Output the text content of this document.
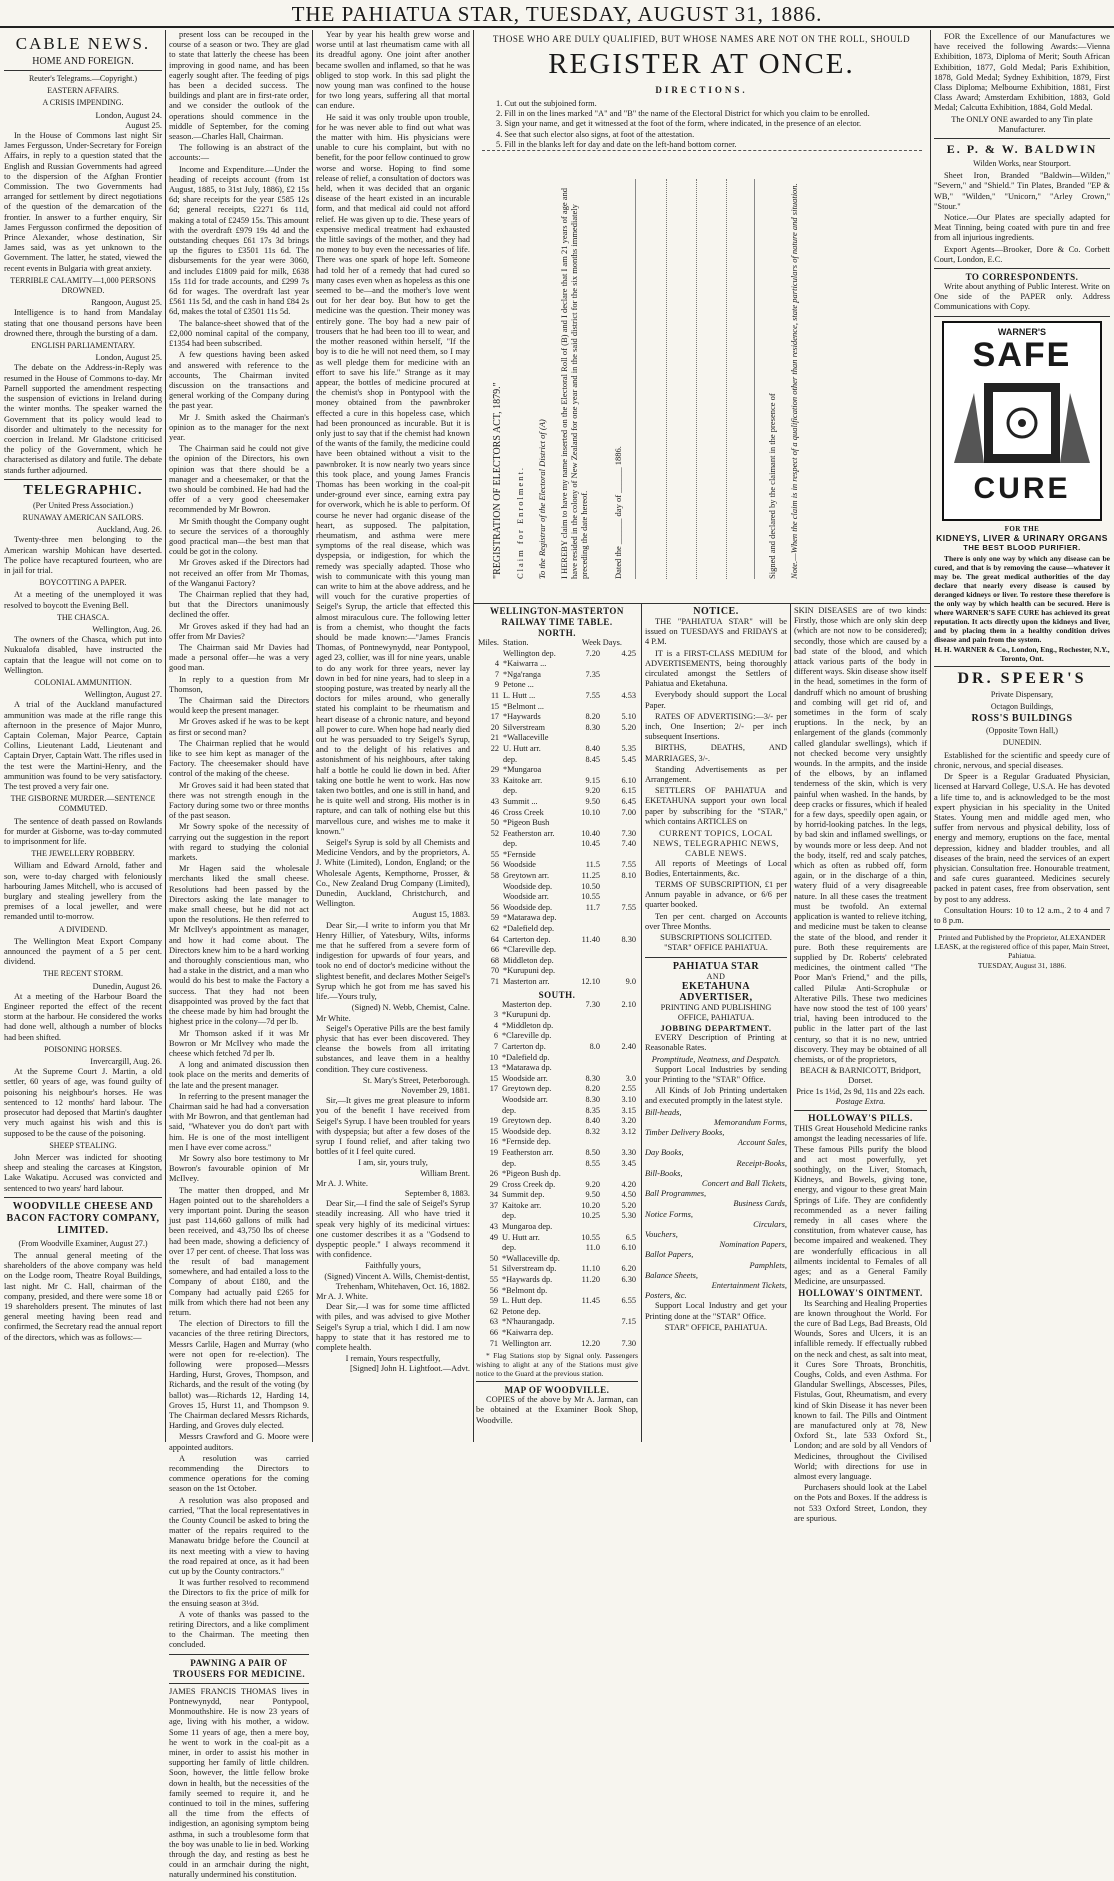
THE PAHIATUA STAR, TUESDAY, AUGUST 31, 1886.
CABLE NEWS.
HOME AND FOREIGN.
Reuter's Telegrams.—Copyright.)
EASTERN AFFAIRS.
A CRISIS IMPENDING.
London, August 24.
August 25.

In the House of Commons last night Sir James Fergusson, Under-Secretary for Foreign Affairs, in reply to a question stated that the English and Russian Governments had agreed to the dispersion of the Afghan Frontier Commission. The two Governments had arranged for settlement by direct negotiations of the question of the demarcation of the frontier. In answer to a further enquiry, Sir James Fergusson confirmed the deposition of Prince Alexander, whose destination, Sir James said, was as yet unknown to the Government. The latter, he stated, viewed the recent events in Bulgaria with great anxiety.

TERRIBLE CALAMITY—1,000 PERSONS DROWNED.
Rangoon, August 25.

Intelligence is to hand from Mandalay stating that one thousand persons have been drowned there, through the bursting of a dam.

ENGLISH PARLIAMENTARY.
London, August 25.

The debate on the Address-in-Reply was resumed in the House of Commons to-day. Mr Parnell supported the amendment respecting the suspension of evictions in Ireland during the winter months. The speaker warned the Government that its policy would lead to disorder and ultimately to the necessity for coercion in Ireland. Mr Gladstone criticised the policy of the Government, which he characterised as dilatory and futile. The debate stands further adjourned.

TELEGRAPHIC.
(Per United Press Association.)
RUNAWAY AMERICAN SAILORS.
Auckland, Aug. 26.

Twenty-three men belonging to the American warship Mohican have deserted. The police have recaptured fourteen, who are in jail for trial.

BOYCOTTING A PAPER.

At a meeting of the unemployed it was resolved to boycott the Evening Bell.

THE CHASCA.
Wellington, Aug. 26.

The owners of the Chasca, which put into Nukualofa disabled, have instructed the captain that the league will not come on to Wellington.

COLONIAL AMMUNITION.
Wellington, August 27.

A trial of the Auckland manufactured ammunition was made at the rifle range this afternoon in the presence of Major Munro, Captain Coleman, Major Pearce, Captain Collins, Lieutenant Ladd, Lieutenant and Captain Dryer, Captain Watt. The rifles used in the test were the Martini-Henry, and the ammunition was found to be very satisfactory. The test proved a very fair one.

THE GISBORNE MURDER.—SENTENCE COMMUTED.

The sentence of death passed on Rowlands for murder at Gisborne, was to-day commuted to imprisonment for life.

THE JEWELLERY ROBBERY.

William and Edward Arnold, father and son, were to-day charged with feloniously harbouring James Mitchell, who is accused of burglary and stealing jewellery from the premises of a local jeweller, and were remanded until to-morrow.

A DIVIDEND.

The Wellington Meat Export Company announced the payment of a 5 per cent. dividend.

THE RECENT STORM.
Dunedin, August 26.

At a meeting of the Harbour Board the Engineer reported the effect of the recent storm at the harbour. He considered the works had done well, although a number of blocks had been shifted.

POISONING HORSES.
Invercargill, Aug. 26.

At the Supreme Court J. Martin, a old settler, 60 years of age, was found guilty of poisoning his neighbour's horses. He was sentenced to 12 months' hard labour. The prosecutor had deposed that Martin's daughter very much against his wish and this is supposed to be the cause of the poisoning.

SHEEP STEALING.

John Mercer was indicted for shooting sheep and stealing the carcases at Kingston, Lake Wakatipu. Accused was convicted and sentenced to two years' hard labour.

WOODVILLE CHEESE AND BACON FACTORY COMPANY, LIMITED.
(From Woodville Examiner, August 27.)

The annual general meeting of the shareholders of the above company was held on the Lodge room, Theatre Royal Buildings, last night. Mr C. Hall, chairman of the company, presided, and there were some 18 or 19 shareholders present. The minutes of last general meeting having been read and confirmed, the Secretary read the annual report of the directors, which was as follows:—

present loss can be recouped in the course of a season or two. They are glad to state that latterly the cheese has been improving in good name, and has been eagerly sought after. The feeding of pigs has been a decided success. The buildings and plant are in first-rate order, and we consider the outlook of the operations should commence in the middle of September, for the coming season.—Charles Hall, Chairman.

The following is an abstract of the accounts:—

Income and Expenditure.—Under the heading of receipts account (from 1st August, 1885, to 31st July, 1886), £2 15s 6d; share receipts for the year £585 12s 6d; general receipts, £2271 6s 11d, making a total of £2459 15s. This amount with the overdraft £979 19s 4d and the outstanding cheques £61 17s 3d brings up the figures to £3501 11s 6d. The disbursements for the year were 3060, and includes £1809 paid for milk, £638 15s 11d for trade accounts, and £299 7s 6d for wages. The overdraft last year £561 11s 5d, and the cash in hand £84 2s 6d, makes the total of £3501 11s 5d.

The balance-sheet showed that of the £2,000 nominal capital of the company, £1354 had been subscribed.

A few questions having been asked and answered with reference to the accounts, The Chairman invited discussion on the transactions and general working of the Company during the past year.

Mr J. Smith asked the Chairman's opinion as to the manager for the next year.

The Chairman said he could not give the opinion of the Directors, his own opinion was that there should be a manager and a cheesemaker, or that the two should be combined. He had had the offer of a very good cheesemaker recommended by Mr Bowron.

Mr Smith thought the Company ought to secure the services of a thoroughly good practical man—the best man that could be got in the colony.

Mr Groves asked if the Directors had not received an offer from Mr Thomas, of the Wanganui Factory?

The Chairman replied that they had, but that the Directors unanimously declined the offer.

Mr Groves asked if they had had an offer from Mr Davies?

The Chairman said Mr Davies had made a personal offer—he was a very good man.

In reply to a question from Mr Thomson,

The Chairman said the Directors would keep the present manager.

Mr Groves asked if he was to be kept as first or second man?

The Chairman replied that he would like to see him kept as manager of the Factory. The cheesemaker should have control of the making of the cheese.

Mr Groves said it had been stated that there was not strength enough in the Factory during some two or three months of the past season.

Mr Sowry spoke of the necessity of carrying out the suggestion in the report with regard to studying the colonial markets.

Mr Hagen said the wholesale merchants liked the small cheese. Resolutions had been passed by the Directors asking the late manager to make small cheese, but he did not act upon the resolutions. He then referred to Mr McIlvey's appointment as manager, and how it had come about. The Directors knew him to be a hard working and thoroughly conscientious man, who had a stake in the district, and a man who would do his best to make the Factory a success. That they had not been disappointed was proved by the fact that the cheese made by him had brought the highest price in the colony—7d per lb.

Mr Thomson asked if it was Mr Bowron or Mr McIlvey who made the cheese which fetched 7d per lb.

A long and animated discussion then took place on the merits and demerits of the late and the present manager.

In referring to the present manager the Chairman said he had had a conversation with Mr Bowron, and that gentleman had said, "Whatever you do don't part with him. He is one of the most intelligent men I have ever come across."

Mr Sowry also bore testimony to Mr Bowron's favourable opinion of Mr McIlvey.

The matter then dropped, and Mr Hagen pointed out to the shareholders a very important point. During the season just past 114,660 gallons of milk had been received, and 43,750 lbs of cheese had been made, showing a deficiency of over 17 per cent. of cheese. That loss was the result of bad management somewhere, and had entailed a loss to the Company of about £180, and the Company had actually paid £265 for milk from which there had not been any return.

The election of Directors to fill the vacancies of the three retiring Directors, Messrs Carlile, Hagen and Murray (who were not open for re-election). The following were proposed—Messrs Harding, Hurst, Groves, Thompson, and Richards, and the result of the voting (by ballot) was—Richards 12, Harding 14, Groves 15, Hurst 11, and Thompson 9. The Chairman declared Messrs Richards, Harding, and Groves duly elected.

Messrs Crawford and G. Moore were appointed auditors.

A resolution was carried recommending the Directors to commence operations for the coming season on the 1st October.

A resolution was also proposed and carried, "That the local representatives in the County Council be asked to bring the matter of the repairs required to the Manawatu bridge before the Council at its next meeting with a view to having the road repaired at once, as it had been cut up by the County contractors."

It was further resolved to recommend the Directors to fix the price of milk for the ensuing season at 3½d.

A vote of thanks was passed to the retiring Directors, and a like compliment to the Chairman. The meeting then concluded.

PAWNING A PAIR OF TROUSERS FOR MEDICINE.

JAMES FRANCIS THOMAS lives in Pontnewynydd, near Pontypool, Monmouthshire. He is now 23 years of age, living with his mother, a widow. Some 11 years of age, then a mere boy, he went to work in the coal-pit as a miner, in order to assist his mother in supporting her family of little children. Soon, however, the little fellow broke down in health, but the necessities of the family seemed to require it, and he continued to toil in the mines, suffering all the time from the effects of indigestion, an agonising symptom being asthma, in such a troublesome form that the boy was unable to lie in bed. Working through the day, and resting as best he could in an armchair during the night, naturally undermined his constitution.

Year by year his health grew worse and worse until at last rheumatism came with all its dreadful agony. One joint after another became swollen and inflamed, so that he was obliged to stop work. In this sad plight the now young man was confined to the house for two long years, suffering all that mortal can endure.

He said it was only trouble upon trouble, for he was never able to find out what was the matter with him. His physicians were unable to cure his complaint, but with no benefit, for the poor fellow continued to grow worse and worse. Hoping to find some release of relief, a consultation of doctors was held, when it was decided that an organic disease of the heart existed in an incurable form, and that medical aid could not afford relief. He was given up to die. These years of expensive medical treatment had exhausted the little savings of the mother, and they had no money to buy even the necessaries of life. There was one spark of hope left. Someone had told her of a remedy that had cured so many cases even when as hopeless as this one seemed to be—and the mother's love went out for her dear boy. But how to get the medicine was the question. Their money was entirely gone. The boy had a new pair of trousers that he had been too ill to wear, and the mother reasoned within herself, "If the boy is to die he will not need them, so I may as well pledge them for medicine with an effort to save his life." Strange as it may appear, the bottles of medicine procured at the chemist's shop in Pontypool with the money obtained from the pawnbroker effected a cure in this hopeless case, which had been pronounced as incurable. But it is only just to say that if the chemist had known of the wants of the family, the medicine could have been obtained without a visit to the pawnbroker. It is now nearly two years since this took place, and young James Francis Thomas has been working in the coal-pit under-ground ever since, earning extra pay for overwork, which he is able to perform. Of course he never had organic disease of the heart, as supposed. The palpitation, rheumatism, and asthma were mere symptoms of the real disease, which was dyspepsia, or indigestion, for which the remedy was specially adapted. Those who wish to communicate with this young man can write to him at the above address, and he will vouch for the curative properties of Seigel's Syrup, the article that effected this almost miraculous cure. The following letter is from a chemist, who thought the facts should be made known:—"James Francis Thomas, of Pontnewynydd, near Pontypool, aged 23, collier, was ill for nine years, unable to do any work for three years, never lay down in bed for nine years, had to sleep in a stooping posture, was treated by nearly all the doctors for miles around, who generally stated his complaint to be rheumatism and heart disease of a chronic nature, and beyond all power to cure. When hope had nearly died out he was persuaded to try Seigel's Syrup, and to the delight of his relatives and astonishment of his neighbours, after taking half a bottle he could lie down in bed. After taking one bottle he went to work. Has now taken two bottles, and one is still in hand, and he is quite well and strong. His mother is in rapture, and can talk of nothing else but this marvellous cure, and wishes me to make it known."

Seigel's Syrup is sold by all Chemists and Medicine Vendors, and by the proprietors, A. J. White (Limited), London, England; or the Wholesale Agents, Kempthorne, Prosser, & Co., New Zealand Drug Company (Limited), Dunedin, Auckland, Christchurch, and Wellington.

August 15, 1883.

Dear Sir,—I write to inform you that Mr Henry Hillier, of Yatesbury, Wilts, informs me that he suffered from a severe form of indigestion for upwards of four years, and took no end of doctor's medicine without the slightest benefit, and declares Mother Seigel's Syrup which he got from me has saved his life.—Yours truly,

(Signed) N. Webb, Chemist, Calne.
Mr White.

Seigel's Operative Pills are the best family physic that has ever been discovered. They cleanse the bowels from all irritating substances, and leave them in a healthy condition. They cure costiveness.

St. Mary's Street, Peterborough.
November 29, 1881.

Sir,—It gives me great pleasure to inform you of the benefit I have received from Seigel's Syrup. I have been troubled for years with dyspepsia; but after a few doses of the syrup I found relief, and after taking two bottles of it I feel quite cured.

I am, sir, yours truly,
William Brent.
Mr A. J. White.
September 8, 1883.

Dear Sir,—I find the sale of Seigel's Syrup steadily increasing. All who have tried it speak very highly of its medicinal virtues: one customer describes it as a "Godsend to dyspeptic people." I always recommend it with confidence.

Faithfully yours,
(Signed) Vincent A. Wills, Chemist-dentist, Trehenham, Whitehaven, Oct. 16, 1882.
Mr A. J. White.

Dear Sir,—I was for some time afflicted with piles, and was advised to give Mother Seigel's Syrup a trial, which I did. I am now happy to state that it has restored me to complete health.

I remain, Yours respectfully,
[Signed] John H. Lightfoot.—Advt.
THOSE WHO ARE DULY QUALIFIED, BUT WHOSE NAMES ARE NOT ON THE ROLL, SHOULD
REGISTER AT ONCE.
DIRECTIONS.
1. Cut out the subjoined form.
2. Fill in on the lines marked "A" and "B" the name of the Electoral District for which you claim to be enrolled.
3. Sign your name, and get it witnessed at the foot of the form, where indicated, in the presence of an elector.
4. See that such elector also signs, at foot of the attestation.
5. Fill in the blanks left for day and date on the left-hand bottom corner.
"REGISTRATION OF ELECTORS ACT, 1879." Claim for Enrolment. To the Registrar of the Electoral District of (A) I HEREBY claim to have my name inserted on the Electoral Roll of (B) and I declare that I am 21 years of age and have resided in the colony of New Zealand for one year and in the said district for the six months immediately preceding the date hereof.	Dated the ______ day of ______ 1886.	Signed and declared by the claimant in the presence of Note.—When the claim is in respect of a qualification other than residence, state particulars of nature and situation.

FOR the Excellence of our Manufactures we have received the following Awards:—Vienna Exhibition, 1873, Diploma of Merit; South African Exhibition, 1877, Gold Medal; Paris Exhibition, 1878, Gold Medal; Sydney Exhibition, 1879, First Class Diploma; Melbourne Exhibition, 1881, First Class Award; Amsterdam Exhibition, 1883, Gold Medal; Calcutta Exhibition, 1884, Gold Medal.

The ONLY ONE awarded to any Tin plate Manufacturer.
E. P. & W. BALDWIN
Wilden Works, near Stourport.

Sheet Iron, Branded "Baldwin—Wilden," "Severn," and "Shield." Tin Plates, Branded "EP & WB," "Wilden," "Unicorn," "Arley Crown," "Stour."

Notice.—Our Plates are specially adapted for Meat Tinning, being coated with pure tin and free from all injurious ingredients.

Export Agents—Brooker, Dore & Co. Corbett Court, London, E.C.

TO CORRESPONDENTS.

Write about anything of Public Interest. Write on One side of the PAPER only. Address Communications with Copy.

WARNER'S
SAFE
CURE
FOR THE
KIDNEYS, LIVER & URINARY ORGANS
THE BEST BLOOD PURIFIER.

There is only one way by which any disease can be cured, and that is by removing the cause—whatever it may be. The great medical authorities of the day declare that nearly every disease is caused by deranged kidneys or liver. To restore these therefore is the only way by which health can be secured. Here is where WARNER'S SAFE CURE has achieved its great reputation. It acts directly upon the kidneys and liver, and by placing them in a healthy condition drives disease and pain from the system.

H. H. WARNER & Co., London, Eng., Rochester, N.Y., Toronto, Ont.
DR. SPEER'S
Private Dispensary,
Octagon Buildings,
ROSS'S BUILDINGS
(Opposite Town Hall,)
DUNEDIN.

Established for the scientific and speedy cure of chronic, nervous, and special diseases.

Dr Speer is a Regular Graduated Physician, licensed at Harvard College, U.S.A. He has devoted a life time to, and is acknowledged to be the most expert physician in his speciality in the United States. Young men and middle aged men, who suffer from nervous and physical debility, loss of energy and memory, eruptions on the face, mental depression, kidney and bladder troubles, and all diseases of the brain, need the services of an expert physician. Consultation free. Honourable treatment, and safe cures guaranteed. Medicines securely packed in patent cases, free from observation, sent by post to any address.

Consultation Hours: 10 to 12 a.m., 2 to 4 and 7 to 8 p.m.

Printed and Published by the Proprietor, ALEXANDER LEASK, at the registered office of this paper, Main Street, Pahiatua.

TUESDAY, August 31, 1886.
WELLINGTON-MASTERTON RAILWAY TIME TABLE.
NORTH.
Miles.	Station.	Week Days.	
	Wellington dep.	7.20	4.25
4	*Kaiwarra ...		
7	*Nga'ranga	7.35	
9	Petone ...		
11	L. Hutt ...	7.55	4.53
15	*Belmont ...		
17	*Haywards	8.20	5.10
20	Silverstream	8.30	5.20
21	*Wallaceville		
22	U. Hutt arr.	8.40	5.35
	dep.	8.45	5.45
29	*Mungaroa		
33	Kaitoke arr.	9.15	6.10
	dep.	9.20	6.15
43	Summit ...	9.50	6.45
46	Cross Creek	10.10	7.00
50	*Pigeon Bush		
52	Featherston arr.	10.40	7.30
	dep.	10.45	7.40
55	*Fernside		
56	Woodside	11.5	7.55
58	Greytown arr.	11.25	8.10
	Woodside dep.	10.50	
	Woodside arr.	10.55	
56	Woodside dep.	11.7	7.55
59	*Matarawa dep.		
62	*Dalefield dep.		
64	Carterton dep.	11.40	8.30
66	*Clareville dep.		
68	Middleton dep.		
70	*Kurupuni dep.		
71	Masterton arr.	12.10	9.0
SOUTH.
	Masterton dep.	7.30	2.10
3	*Kurupuni dp.		
4	*Middleton dp.		
6	*Clareville dp.		
7	Carterton dp.	8.0	2.40
10	*Dalefield dp.		
13	*Matarawa dp.		
15	Woodside arr.	8.30	3.0
17	Greytown dep.	8.20	2.55
	Woodside arr.	8.30	3.10
	dep.	8.35	3.15
19	Greytown dep.	8.40	3.20
15	Woodside dep.	8.32	3.12
16	*Fernside dep.		
19	Featherston arr.	8.50	3.30
	dep.	8.55	3.45
26	*Pigeon Bush dp.		
29	Cross Creek dp.	9.20	4.20
34	Summit dep.	9.50	4.50
37	Kaitoke arr.	10.20	5.20
	dep.	10.25	5.30
43	Mungaroa dep.		
49	U. Hutt arr.	10.55	6.5
	dep.	11.0	6.10
50	*Wallaceville dp.		
51	Silverstream dp.	11.10	6.20
55	*Haywards dp.	11.20	6.30
56	*Belmont dp.		
59	L. Hutt dep.	11.45	6.55
62	Petone dep.		
63	*N'haurangadp.		7.15
66	*Kaiwarra dep.		
71	Wellington arr.	12.20	7.30

* Flag Stations stop by Signal only. Passengers wishing to alight at any of the Stations must give notice to the Guard at the previous station.

MAP OF WOODVILLE.

COPIES of the above by Mr A. Jarman, can be obtained at the Examiner Book Shop, Woodville.

NOTICE.

THE "PAHIATUA STAR" will be issued on TUESDAYS and FRIDAYS at 4 P.M.

IT is a FIRST-CLASS MEDIUM for ADVERTISEMENTS, being thoroughly circulated amongst the Settlers of Pahiatua and Eketahuna.

Everybody should support the Local Paper.

RATES OF ADVERTISING:—3/- per inch, One Insertion; 2/- per inch subsequent Insertions.

BIRTHS, DEATHS, AND MARRIAGES, 3/-.

Standing Advertisements as per Arrangement.

SETTLERS OF PAHIATUA and EKETAHUNA support your own local paper by subscribing for the "STAR," which contains ARTICLES on

CURRENT TOPICS, LOCAL NEWS, TELEGRAPHIC NEWS, CABLE NEWS.

All reports of Meetings of Local Bodies, Entertainments, &c.

TERMS OF SUBSCRIPTION, £1 per Annum payable in advance, or 6/6 per quarter booked.

Ten per cent. charged on Accounts over Three Months.

SUBSCRIPTIONS SOLICITED.
"STAR" OFFICE PAHIATUA.
PAHIATUA STAR
AND
EKETAHUNA ADVERTISER,
PRINTING AND PUBLISHING OFFICE, PAHIATUA.
JOBBING DEPARTMENT.

EVERY Description of Printing at Reasonable Rates.

Promptitude, Neatness, and Despatch.

Support Local Industries by sending your Printing to the "STAR" Office.

All Kinds of Job Printing undertaken and executed promptly in the latest style.

Bill-heads,
Memorandum Forms,
Timber Delivery Books,
Account Sales,
Day Books,
Receipt-Books,
Bill-Books,
Concert and Ball Tickets,
Ball Programmes,
Business Cards,
Notice Forms,
Circulars,
Vouchers,
Nomination Papers,
Ballot Papers,
Pamphlets,
Balance Sheets,
Entertainment Tickets,
Posters, &c.

Support Local Industry and get your Printing done at the "STAR" Office.

STAR" OFFICE, PAHIATUA.

SKIN DISEASES are of two kinds: Firstly, those which are only skin deep (which are not now to be considered); secondly, those which are caused by a bad state of the blood, and which attack various parts of the body in different ways. Skin disease show itself in the head, sometimes in the form of dandruff which no amount of brushing and combing will get rid of, and sometimes in the form of scaly eruptions. In the neck, by an enlargement of the glands (commonly called glandular swellings), which if not checked become very unsightly wounds. In the armpits, and the inside of the elbows, by an inflamed tenderness of the skin, which is very painful when washed. In the hands, by deep cracks or fissures, which if healed for a few days, speedily open again, or by horrid-looking patches. In the legs, by bad skin and inflamed swellings, or by wounds more or less deep. And not the body, itself, red and scaly patches, which as often as rubbed off, form again, or in the discharge of a thin, watery fluid of a very disagreeable nature. In all these cases the treatment must be twofold. An external application is wanted to relieve itching, and medicine must be taken to cleanse the state of the blood, and render it pure. Both these requirements are supplied by Dr. Roberts' celebrated medicines, the ointment called "The Poor Man's Friend," and the pills, called Pilulæ Anti-Scrophulæ or Alterative Pills. These two medicines have now stood the test of 100 years' trial, having been introduced to the public in the latter part of the last century, so that it is no new, untried discovery. They may be obtained of all chemists, or of the proprietors,

BEACH & BARNICOTT, Bridport, Dorset.
Price 1s 1½d, 2s 9d, 11s and 22s each.
Postage Extra.
HOLLOWAY'S PILLS.

THIS Great Household Medicine ranks amongst the leading necessaries of life. These famous Pills purify the blood and act most powerfully, yet soothingly, on the Liver, Stomach, Kidneys, and Bowels, giving tone, energy, and vigour to these great Main Springs of Life. They are confidently recommended as a never failing remedy in all cases where the constitution, from whatever cause, has become impaired and weakened. They are wonderfully efficacious in all ailments incidental to Females of all ages; and as a General Family Medicine, are unsurpassed.

HOLLOWAY'S OINTMENT.

Its Searching and Healing Properties are known throughout the World. For the cure of Bad Legs, Bad Breasts, Old Wounds, Sores and Ulcers, it is an infallible remedy. If effectually rubbed on the neck and chest, as salt into meat, it Cures Sore Throats, Bronchitis, Coughs, Colds, and even Asthma. For Glandular Swellings, Abscesses, Piles, Fistulas, Gout, Rheumatism, and every kind of Skin Disease it has never been known to fail. The Pills and Ointment are manufactured only at 78, New Oxford St., late 533 Oxford St., London; and are sold by all Vendors of Medicines, throughout the Civilised World; with directions for use in almost every language.

Purchasers should look at the Label on the Pots and Boxes. If the address is not 533 Oxford Street, London, they are spurious.
